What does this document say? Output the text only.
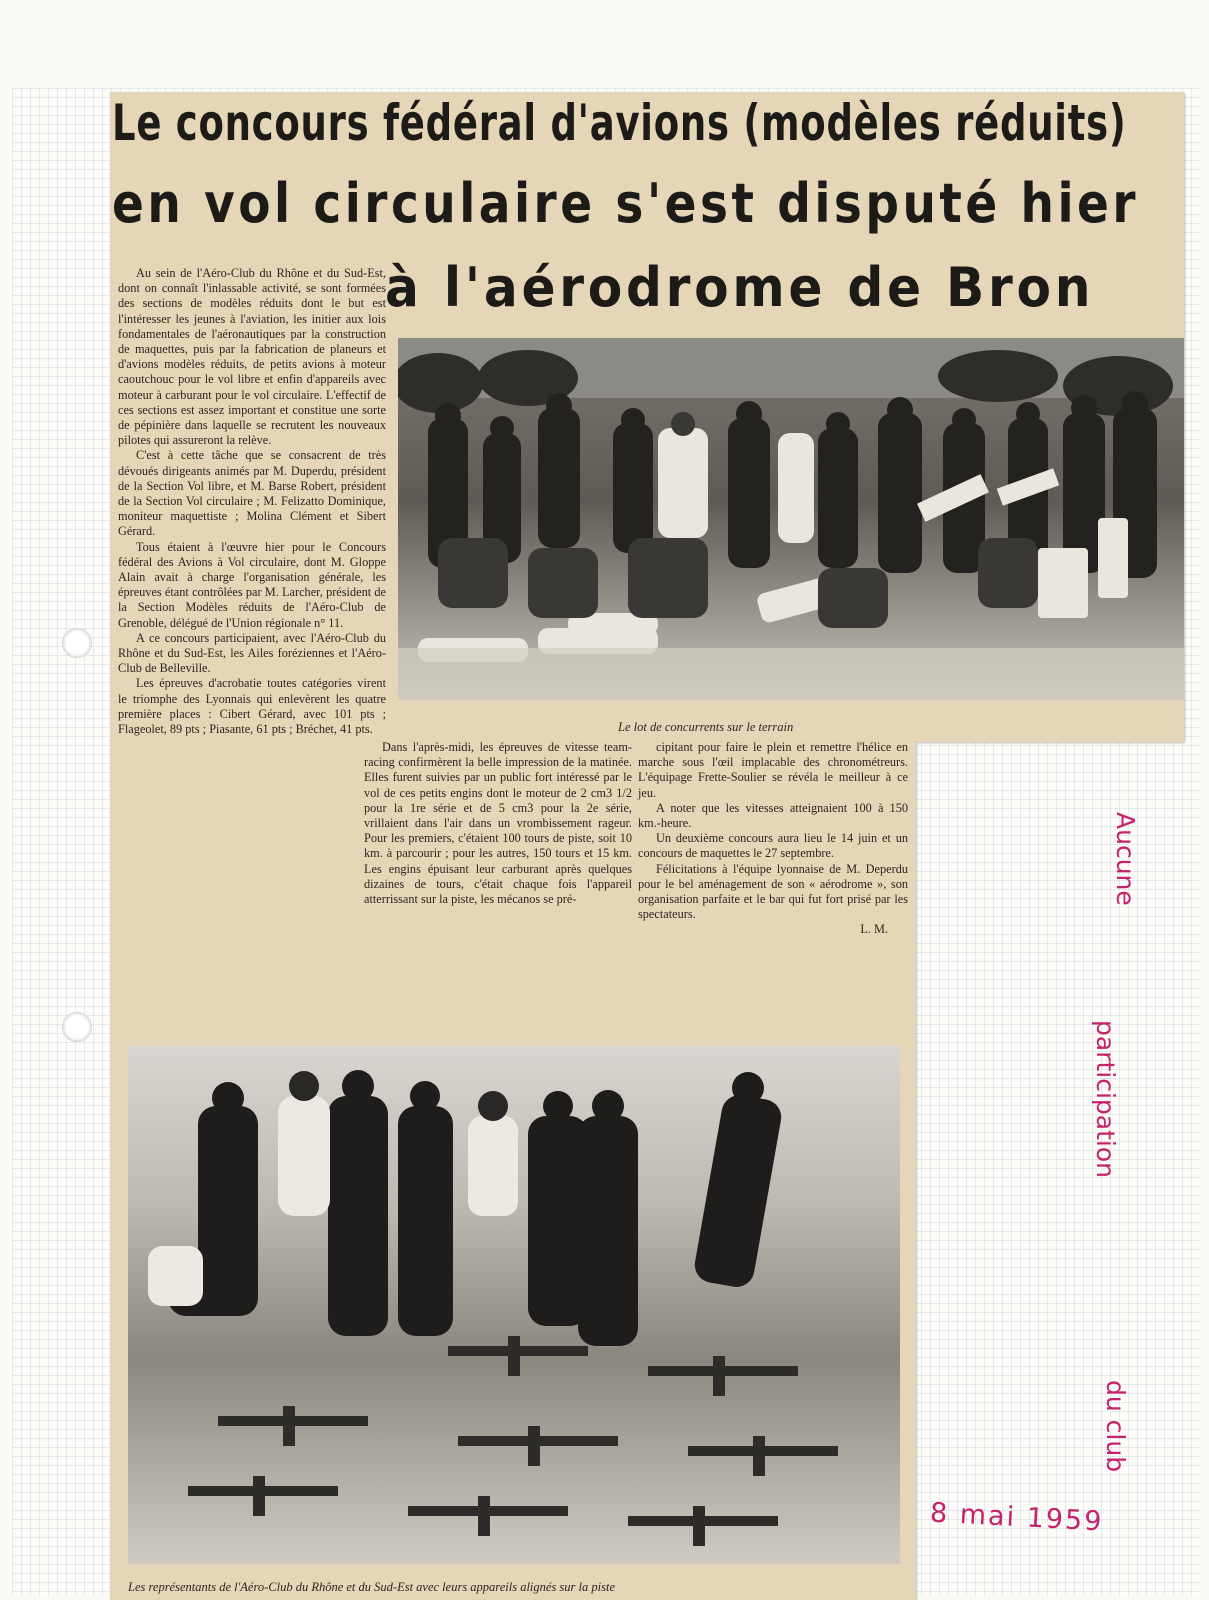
Le concours fédéral d'avions (modèles réduits)
en vol circulaire s'est disputé hier
à l'aérodrome de Bron

Au sein de l'Aéro-Club du Rhône et du Sud-Est, dont on connaît l'inlassable activité, se sont formées des sections de modèles réduits dont le but est l'intéresser les jeunes à l'aviation, les initier aux lois fondamentales de l'aéronautiques par la construction de maquettes, puis par la fabrication de planeurs et d'avions modèles réduits, de petits avions à moteur caoutchouc pour le vol libre et enfin d'appareils avec moteur à carburant pour le vol circulaire. L'effectif de ces sections est assez important et constitue une sorte de pépinière dans laquelle se recrutent les nouveaux pilotes qui assureront la relève.

C'est à cette tâche que se consacrent de très dévoués dirigeants animés par M. Duperdu, président de la Section Vol libre, et M. Barse Robert, président de la Section Vol circulaire ; M. Felizatto Dominique, moniteur maquettiste ; Molina Clément et Sibert Gérard.

Tous étaient à l'œuvre hier pour le Concours fédéral des Avions à Vol circulaire, dont M. Gloppe Alain avait à charge l'organisation générale, les épreuves étant contrôlées par M. Larcher, président de la Section Modèles réduits de l'Aéro-Club de Grenoble, délégué de l'Union régionale n° 11.

A ce concours participaient, avec l'Aéro-Club du Rhône et du Sud-Est, les Ailes foréziennes et l'Aéro-Club de Belleville.

Les épreuves d'acrobatie toutes catégories virent le triomphe des Lyonnais qui enlevèrent les quatre première places : Cibert Gérard, avec 101 pts ; Flageolet, 89 pts ; Piasante, 61 pts ; Bréchet, 41 pts.	Le lot de concurrents sur le terrain

Dans l'après-midi, les épreuves de vitesse team-racing confirmèrent la belle impression de la matinée. Elles furent suivies par un public fort intéressé par le vol de ces petits engins dont le moteur de 2 cm3 1/2 pour la 1re série et de 5 cm3 pour la 2e série, vrillaient dans l'air dans un vrombissement rageur. Pour les premiers, c'étaient 100 tours de piste, soit 10 km. à parcourir ; pour les autres, 150 tours et 15 km. Les engins épuisant leur carburant après quelques dizaines de tours, c'était chaque fois l'appareil atterrissant sur la piste, les mécanos se pré-

cipitant pour faire le plein et remettre l'hélice en marche sous l'œil implacable des chronométreurs. L'équipage Frette-Soulier se révéla le meilleur à ce jeu.

A noter que les vitesses atteignaient 100 à 150 km.-heure.

Un deuxième concours aura lieu le 14 juin et un concours de maquettes le 27 septembre.

Félicitations à l'équipe lyonnaise de M. Deperdu pour le bel aménagement de son « aérodrome », son organisation parfaite et le bar qui fut fort prisé par les spectateurs.

L. M.

Les représentants de l'Aéro-Club du Rhône et du Sud-Est avec leurs appareils alignés sur la piste

Aucune

participation

du club

8 mai 1959
